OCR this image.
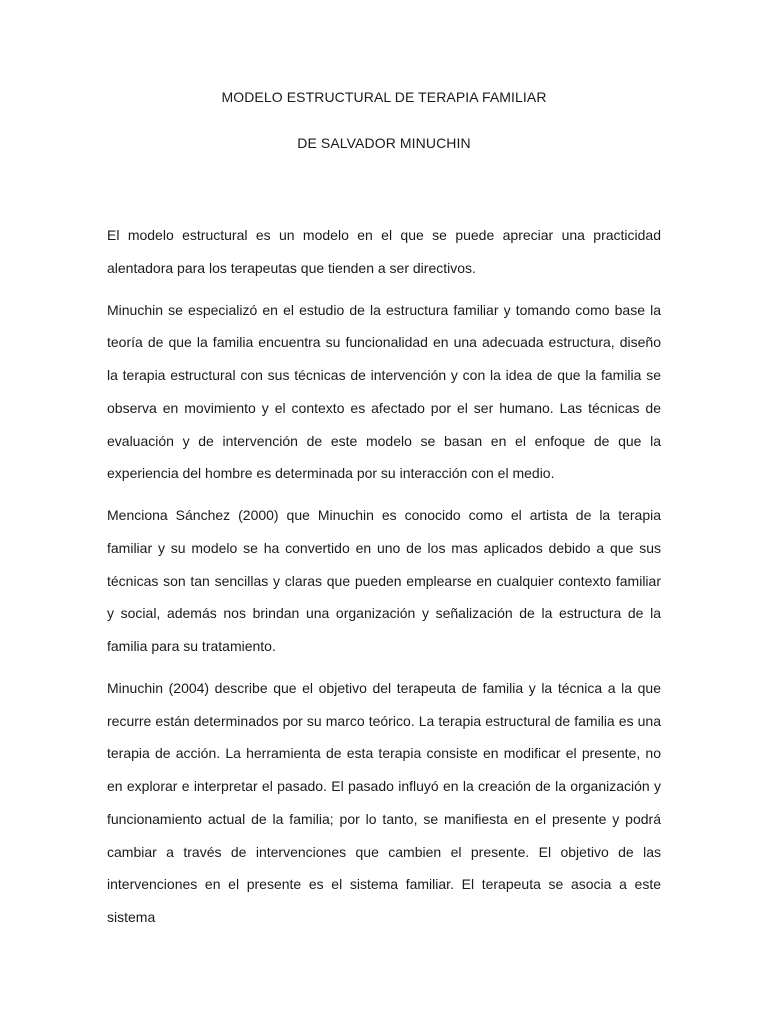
MODELO ESTRUCTURAL DE TERAPIA FAMILIAR
DE SALVADOR MINUCHIN

El modelo estructural es un modelo en el que se puede apreciar una practicidad alentadora para los terapeutas que tienden a ser directivos.

Minuchin se especializó en el estudio de la estructura familiar y tomando como base la teoría de que la familia encuentra su funcionalidad en una adecuada estructura, diseño la terapia estructural con sus técnicas de intervención y con la idea de que la familia se observa en movimiento y el contexto es afectado por el ser humano. Las técnicas de evaluación y de intervención de este modelo se basan en el enfoque de que la experiencia del hombre es determinada por su interacción con el medio.

Menciona Sánchez (2000) que Minuchin es conocido como el artista de la terapia familiar y su modelo se ha convertido en uno de los mas aplicados debido a que sus técnicas son tan sencillas y claras que pueden emplearse en cualquier contexto familiar y social, además nos brindan una organización y señalización de la estructura de la familia para su tratamiento.

Minuchin (2004) describe que el objetivo del terapeuta de familia y la técnica a la que recurre están determinados por su marco teórico. La terapia estructural de familia es una terapia de acción. La herramienta de esta terapia consiste en modificar el presente, no en explorar e interpretar el pasado. El pasado influyó en la creación de la organización y funcionamiento actual de la familia; por lo tanto, se manifiesta en el presente y podrá cambiar a través de intervenciones que cambien el presente. El objetivo de las intervenciones en el presente es el sistema familiar. El terapeuta se asocia a este sistema
